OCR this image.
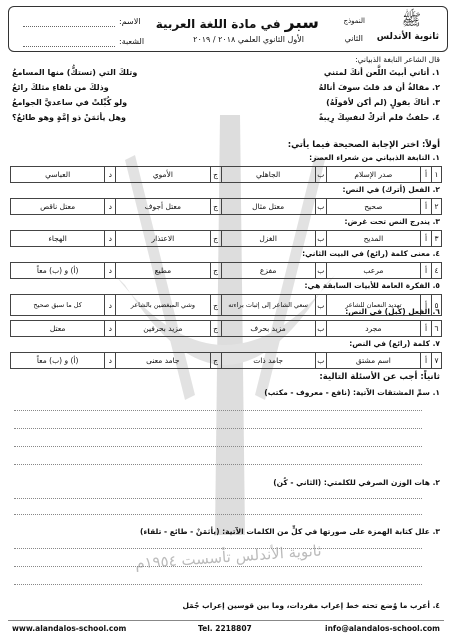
ثانوية الأندلس تأسست ١٩٥٤م
ﷺ
ثانوية الأندلس
النموذج
الثاني
سبر في مادة اللغة العربية
الأول الثانوي العلمي ٢٠١٨ / ٢٠١٩
الاسم:
الشعبة:
قال الشاعر النابغة الذبياني:
١. أتاني أبيتَ اللَّعن أنكَ لمتني
وتلكَ التي (تستكُّ) منها المسامعُ
٢. مقالةُ أن قد قلتَ سوفَ أنالهُ
وذلكَ من تلقاءِ مثلكَ رائعُ
٣. أتاكَ بقولٍ (لم أكن لأقولَهُ)
ولو كُبِّلتْ في ساعديَّ الجوامعُ
٤. حلفتُ فلم أتركْ لنفسِكَ رِيبةً
وهل يأثمَنْ ذو إمَّةٍ وهو طائعُ؟
أولاً: اختر الإجابة الصحيحة فيما يأتي:
١. النابغة الذبياني من شعراء العصر:
١	أ	صدر الإسلام	ب	الجاهلي	ج	الأموي	د	العباسي
٢. الفعل (أترك) في النص:
٢	أ	صحيح	ب	معتل مثال	ج	معتل أجوف	د	معتل ناقص
٣. يندرج النص تحت غرض:
٣	أ	المديح	ب	الغزل	ج	الاعتذار	د	الهجاء
٤. معنى كلمة (رائع) في البيت الثاني:
٤	أ	مرعب	ب	مفزع	ج	مطيع	د	(أ) و (ب) معاً
٥. الفكرة العامة للأبيات السابقة هي:
٥	أ	تهديد النعمان للشاعر	ب	سعي الشاعر إلى إثبات براءته	ج	وشي المبغضين بالشاعر	د	كل ما سبق صحيح
٦. الفعل (كبل) في النص:
٦	أ	مجرد	ب	مزيد بحرف	ج	مزيد بحرفين	د	معتل
٧. كلمة (رائع) في النص:
٧	أ	اسم مشتق	ب	جامد ذات	ج	جامد معنى	د	(أ) و (ب) معاً
ثانياً: أجب عن الأسئلة التالية:
١. سمِّ المشتقات الآتية: (نافع - معروف - مكتب)
٢. هات الوزن الصرفي للكلمتي: (الثاني - كُن)
٣. علل كتابة الهمزة على صورتها في كلٍّ من الكلمات الآتية: (يأثمَنْ - طائع - تلقاء)
٤. أعرب ما وُضع تحته خط إعراب مفردات، وما بين قوسين إعراب جُمَل
www.alandalos-school.com	Tel. 2218807	info@alandalos-school.com
